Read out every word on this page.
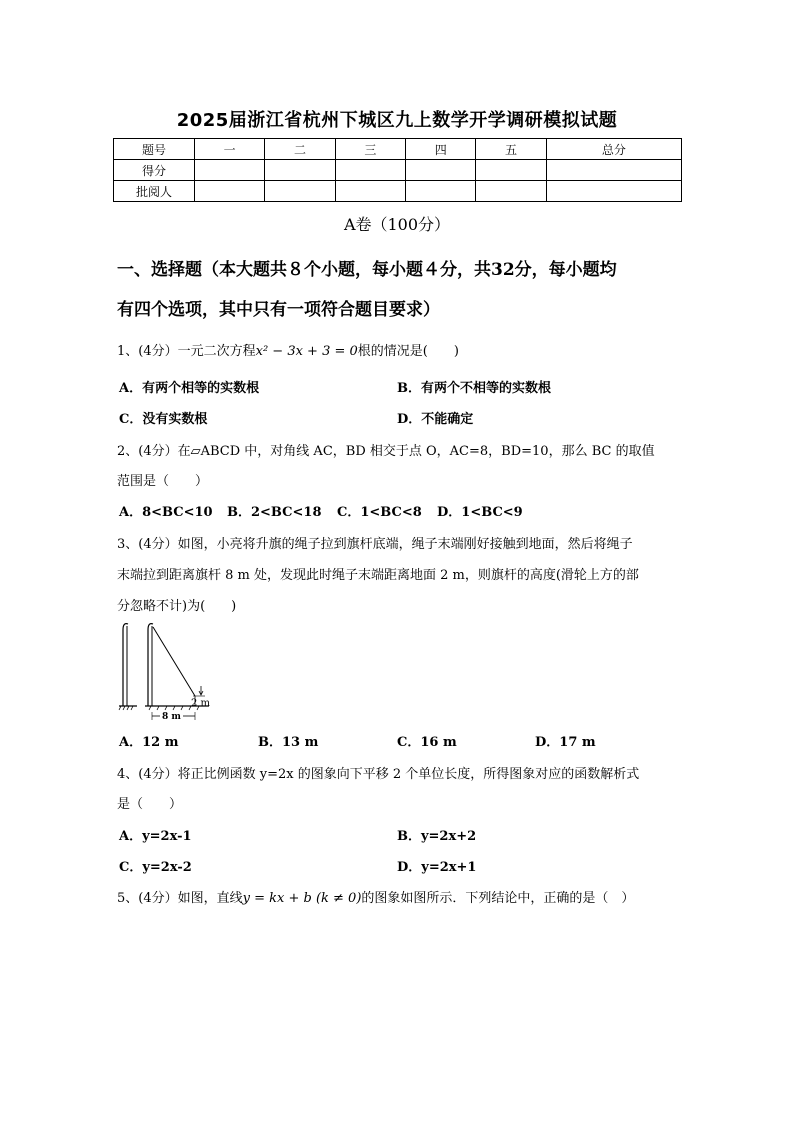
2025届浙江省杭州下城区九上数学开学调研模拟试题
题号	一	二	三	四	五	总分
得分						
批阅人						
A卷（100分）
一、选择题（本大题共８个小题，每小题４分，共32分，每小题均
有四个选项，其中只有一项符合题目要求）
1、(4分）一元二次方程x² − 3x + 3 = 0根的情况是(　　)
A．有两个相等的实数根	B．有两个不相等的实数根
C．没有实数根	D．不能确定
2、(4分）在▱ABCD 中，对角线 AC，BD 相交于点 O，AC=8，BD=10，那么 BC 的取值
范围是（　　）
A．8<BC<10 B．2<BC<18 C．1<BC<8 D．1<BC<9
3、(4分）如图，小亮将升旗的绳子拉到旗杆底端，绳子末端刚好接触到地面，然后将绳子
末端拉到距离旗杆 8 m 处，发现此时绳子末端距离地面 2 m，则旗杆的高度(滑轮上方的部
分忽略不计)为(　　)
2 m
8 m
A．12 m	B．13 m	C．16 m	D．17 m
4、(4分）将正比例函数 y=2x 的图象向下平移 2 个单位长度，所得图象对应的函数解析式
是（　　）
A．y=2x-1	B．y=2x+2
C．y=2x-2	D．y=2x+1
5、(4分）如图，直线y = kx + b (k ≠ 0)的图象如图所示．下列结论中，正确的是（　）
